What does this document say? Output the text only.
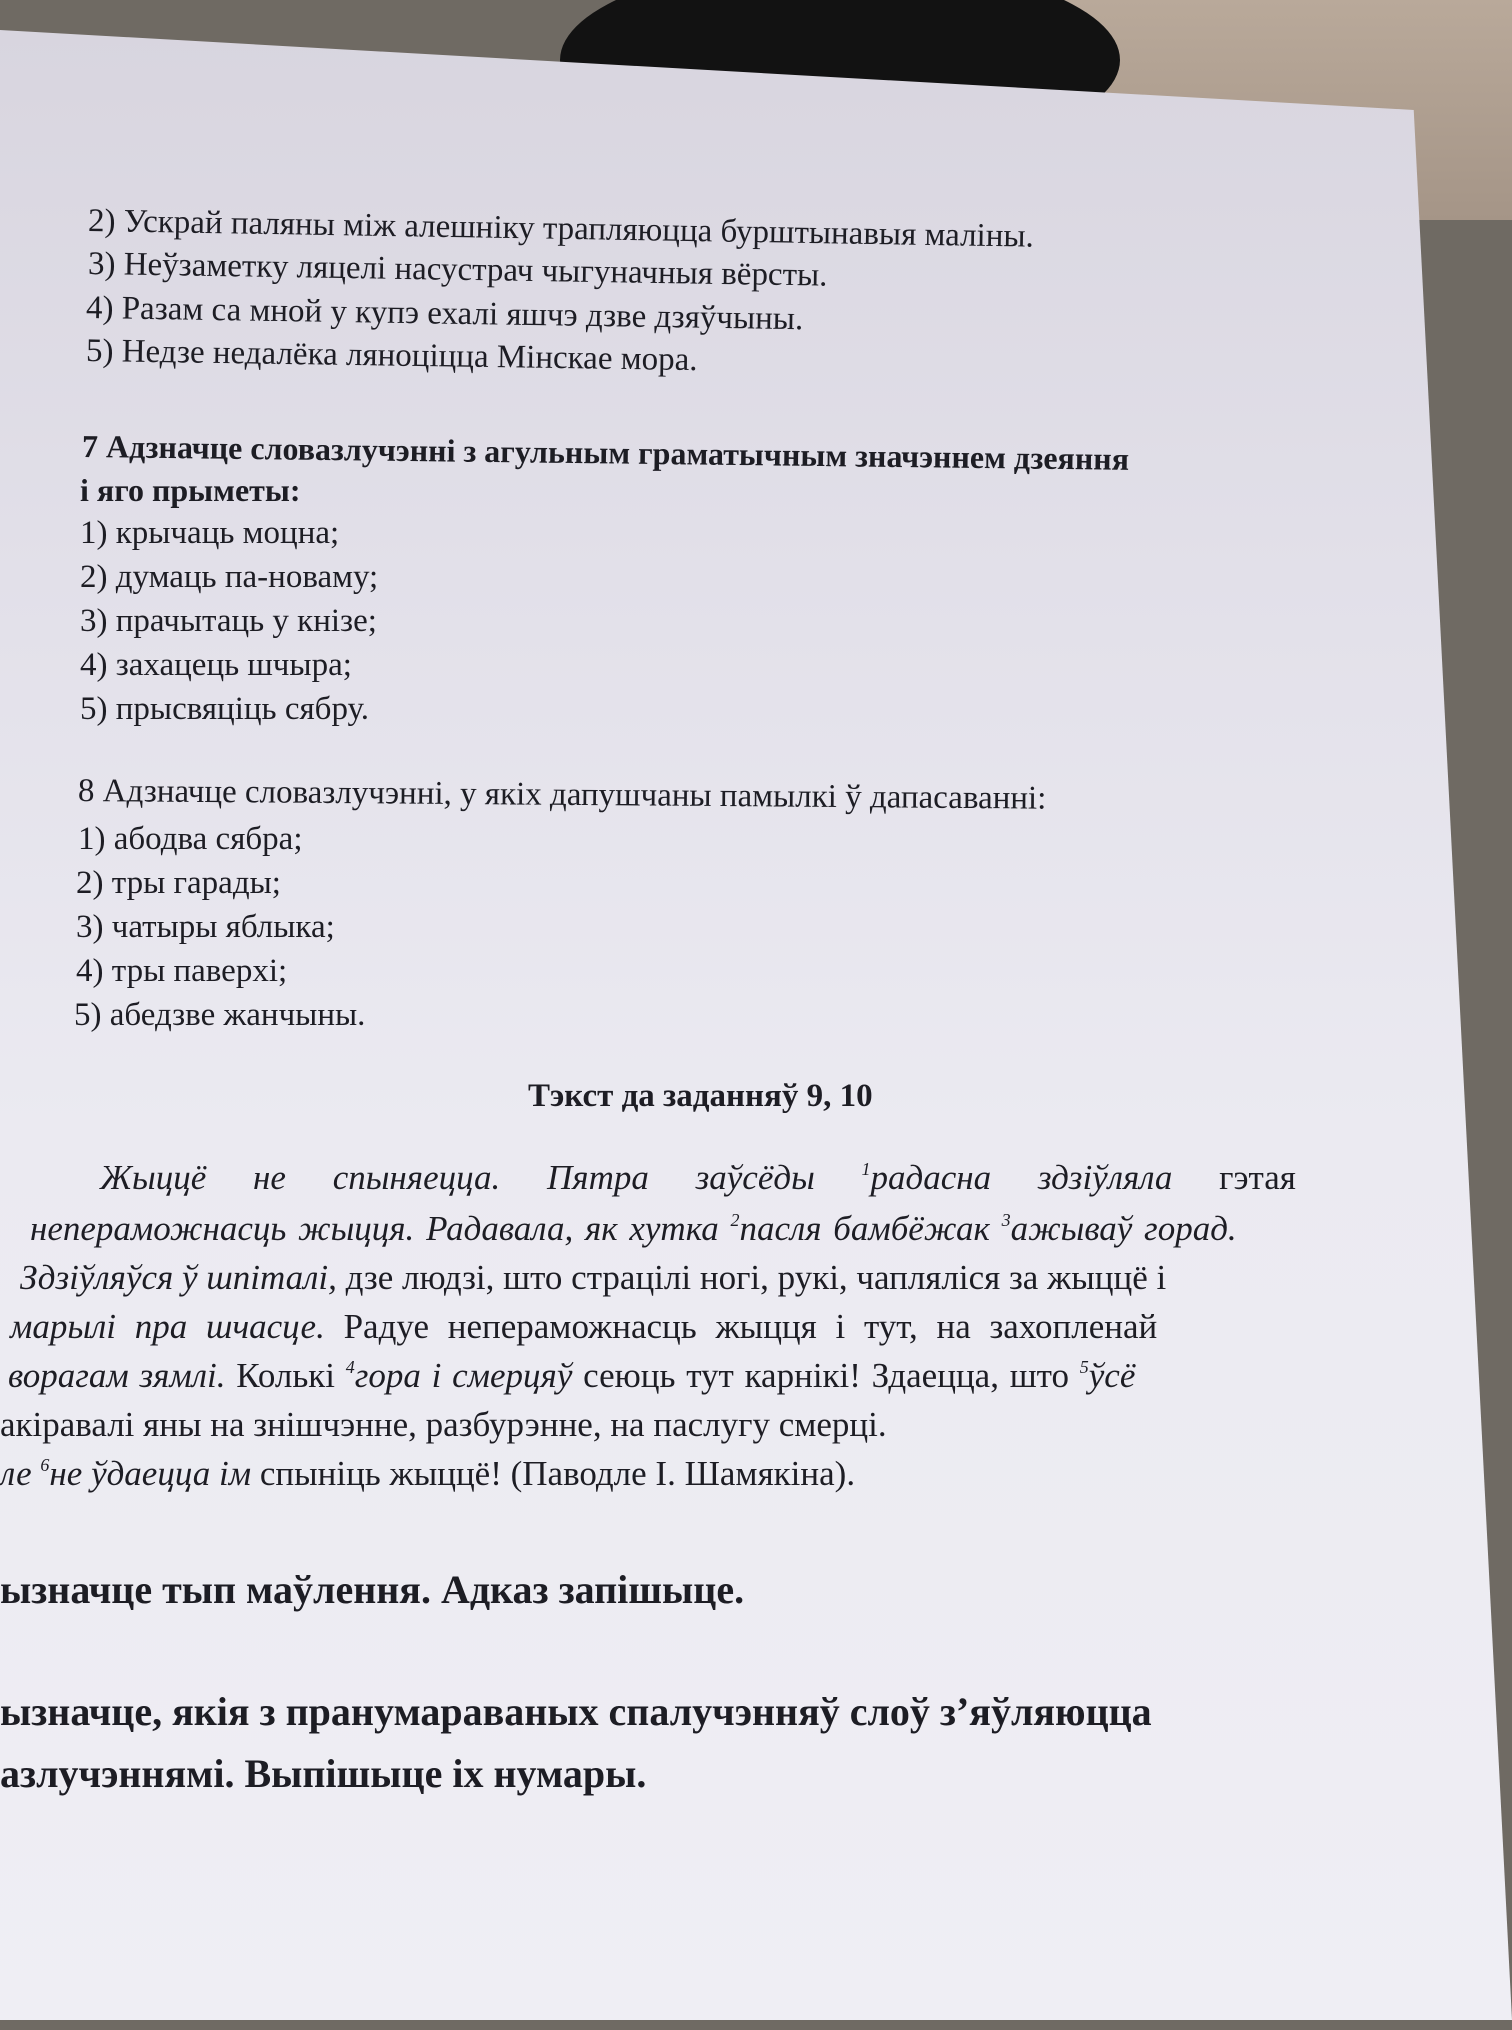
2) Ускрай паляны між алешніку трапляюцца бурштынавыя маліны.
3) Неўзаметку ляцелі насустрач чыгуначныя вёрсты.
4) Разам са мной у купэ ехалі яшчэ дзве дзяўчыны.
5) Недзе недалёка ляноціцца Мінскае мора.
7 Адзначце словазлучэнні з агульным граматычным значэннем дзеяння
і яго прыметы:
1) крычаць моцна;
2) думаць па-новаму;
3) прачытаць у кнізе;
4) захацець шчыра;
5) прысвяціць сябру.
8 Адзначце словазлучэнні, у якіх дапушчаны памылкі ў дапасаванні:
1) абодва сябра;
2) тры гарады;
3) чатыры яблыка;
4) тры паверхі;
5) абедзве жанчыны.
Тэкст да заданняў 9, 10
Жыццё не спыняецца. Пятра заўсёды $^1$радасна здзіўляла гэтая
непераможнасць жыцця. Радавала, як хутка $^2$пасля бамбёжак $^3$ажываў горад.
Здзіўляўся ў шпіталі, дзе людзі, што страцілі ногі, рукі, чапляліся за жыццё і
марылі пра шчасце. Радуе непераможнасць жыцця і тут, на захопленай
ворагам зямлі. Колькі $^4$гора і смерцяў сеюць тут карнікі! Здаецца, што $^5$ўсё
акіравалі яны на знішчэнне, разбурэнне, на паслугу смерці.
ле $^6$не ўдаецца ім спыніць жыццё! (Паводле І. Шамякіна).
ызначце тып маўлення. Адказ запішыце.
ызначце, якія з пранумараваных спалучэнняў слоў з’яўляюцца
азлучэннямі. Выпішыце іх нумары.
